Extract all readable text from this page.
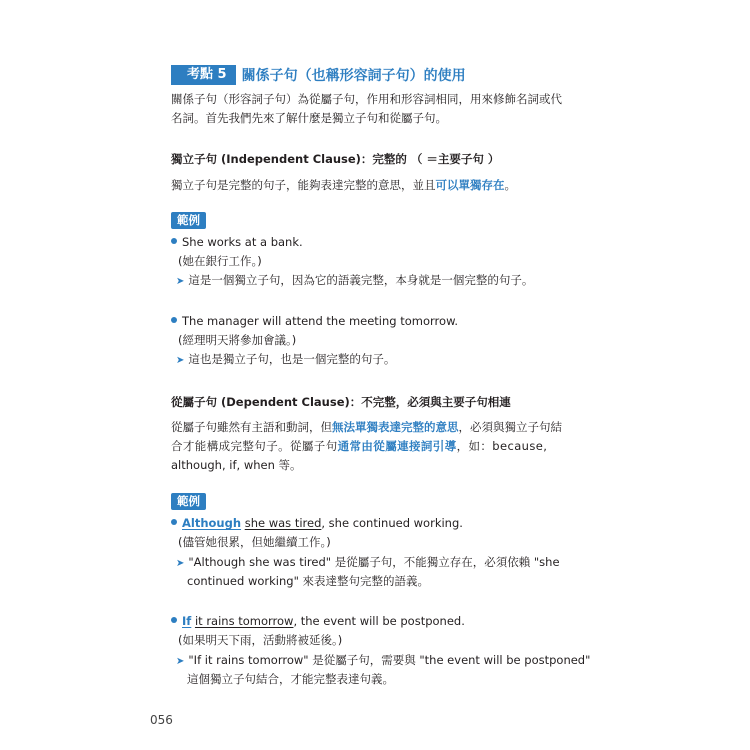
考點 5	關係子句（也稱形容詞子句）的使用
關係子句（形容詞子句）為從屬子句，作用和形容詞相同，用來修飾名詞或代
名詞。首先我們先來了解什麼是獨立子句和從屬子句。
獨立子句 (Independent Clause)：完整的 （ ＝主要子句 ）
獨立子句是完整的句子，能夠表達完整的意思，並且可以單獨存在。
範例
She works at a bank.
(她在銀行工作。)
➤ 這是一個獨立子句，因為它的語義完整，本身就是一個完整的句子。
The manager will attend the meeting tomorrow.
(經理明天將參加會議。)
➤ 這也是獨立子句，也是一個完整的句子。
從屬子句 (Dependent Clause)：不完整，必須與主要子句相連
從屬子句雖然有主語和動詞，但無法單獨表達完整的意思，必須與獨立子句結
合才能構成完整句子。從屬子句通常由從屬連接詞引導，如：because,
although, if, when 等。
範例
Although she was tired, she continued working.
(儘管她很累，但她繼續工作。)
➤ "Although she was tired" 是從屬子句，不能獨立存在，必須依賴 "she
continued working" 來表達整句完整的語義。
If it rains tomorrow, the event will be postponed.
(如果明天下雨，活動將被延後。)
➤ "If it rains tomorrow" 是從屬子句，需要與 "the event will be postponed"
這個獨立子句結合，才能完整表達句義。
056
